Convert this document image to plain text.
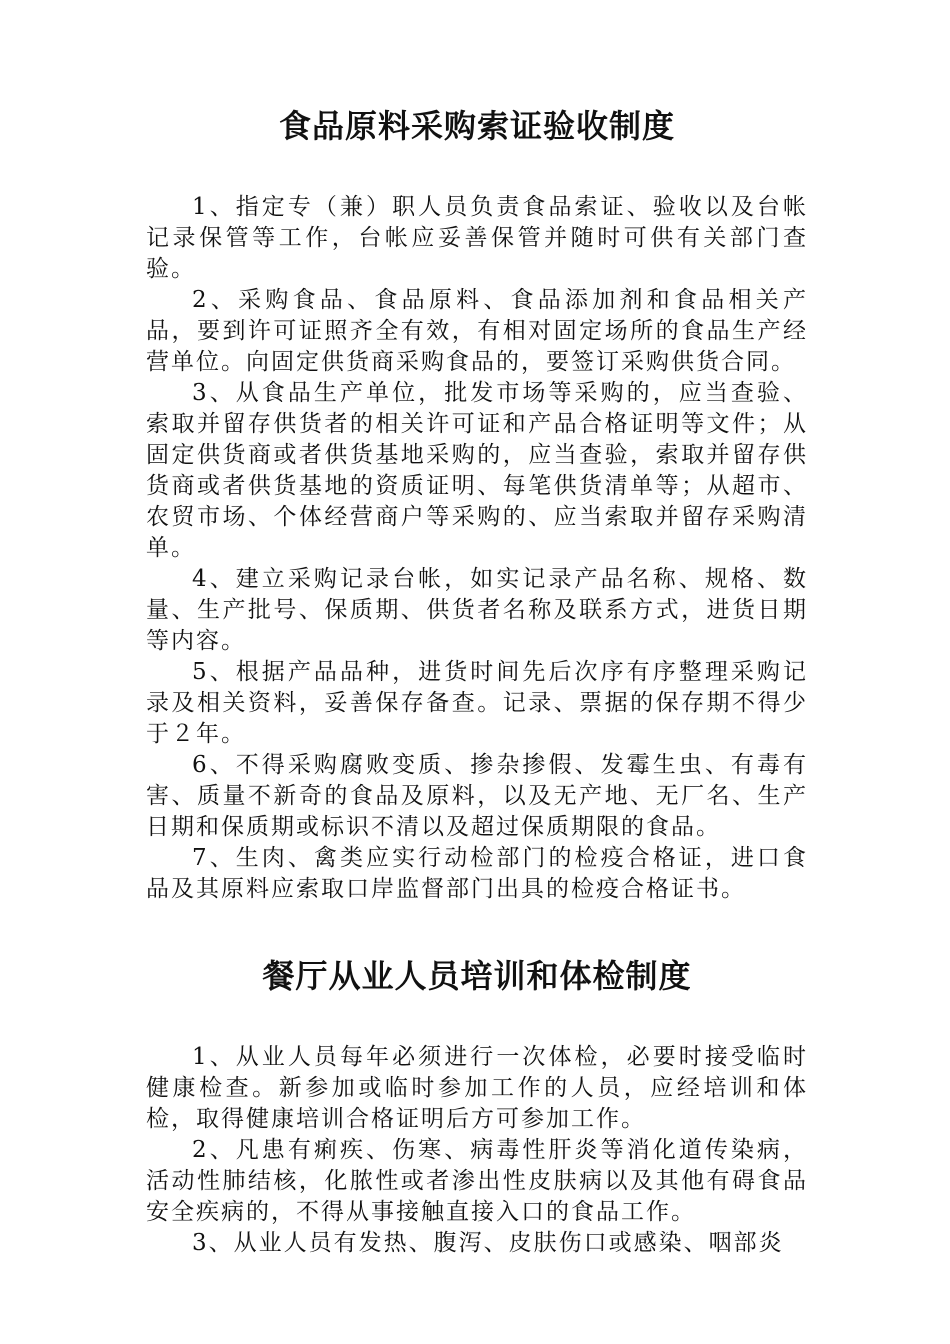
食品原料采购索证验收制度
1、指定专（兼）职人员负责食品索证、验收以及台帐记录保管等工作，台帐应妥善保管并随时可供有关部门查验。
2、采购食品、食品原料、食品添加剂和食品相关产品，要到许可证照齐全有效，有相对固定场所的食品生产经营单位。向固定供货商采购食品的，要签订采购供货合同。
3、从食品生产单位，批发市场等采购的，应当查验、索取并留存供货者的相关许可证和产品合格证明等文件；从固定供货商或者供货基地采购的，应当查验，索取并留存供货商或者供货基地的资质证明、每笔供货清单等；从超市、农贸市场、个体经营商户等采购的、应当索取并留存采购清单。
4、建立采购记录台帐，如实记录产品名称、规格、数量、生产批号、保质期、供货者名称及联系方式，进货日期等内容。
5、根据产品品种，进货时间先后次序有序整理采购记录及相关资料，妥善保存备查。记录、票据的保存期不得少于２年。
6、不得采购腐败变质、掺杂掺假、发霉生虫、有毒有害、质量不新奇的食品及原料，以及无产地、无厂名、生产日期和保质期或标识不清以及超过保质期限的食品。
7、生肉、禽类应实行动检部门的检疫合格证，进口食品及其原料应索取口岸监督部门出具的检疫合格证书。
餐厅从业人员培训和体检制度
1、从业人员每年必须进行一次体检，必要时接受临时健康检查。新参加或临时参加工作的人员，应经培训和体检，取得健康培训合格证明后方可参加工作。
2、凡患有痢疾、伤寒、病毒性肝炎等消化道传染病，活动性肺结核，化脓性或者渗出性皮肤病以及其他有碍食品安全疾病的，不得从事接触直接入口的食品工作。
3、从业人员有发热、腹泻、皮肤伤口或感染、咽部炎
